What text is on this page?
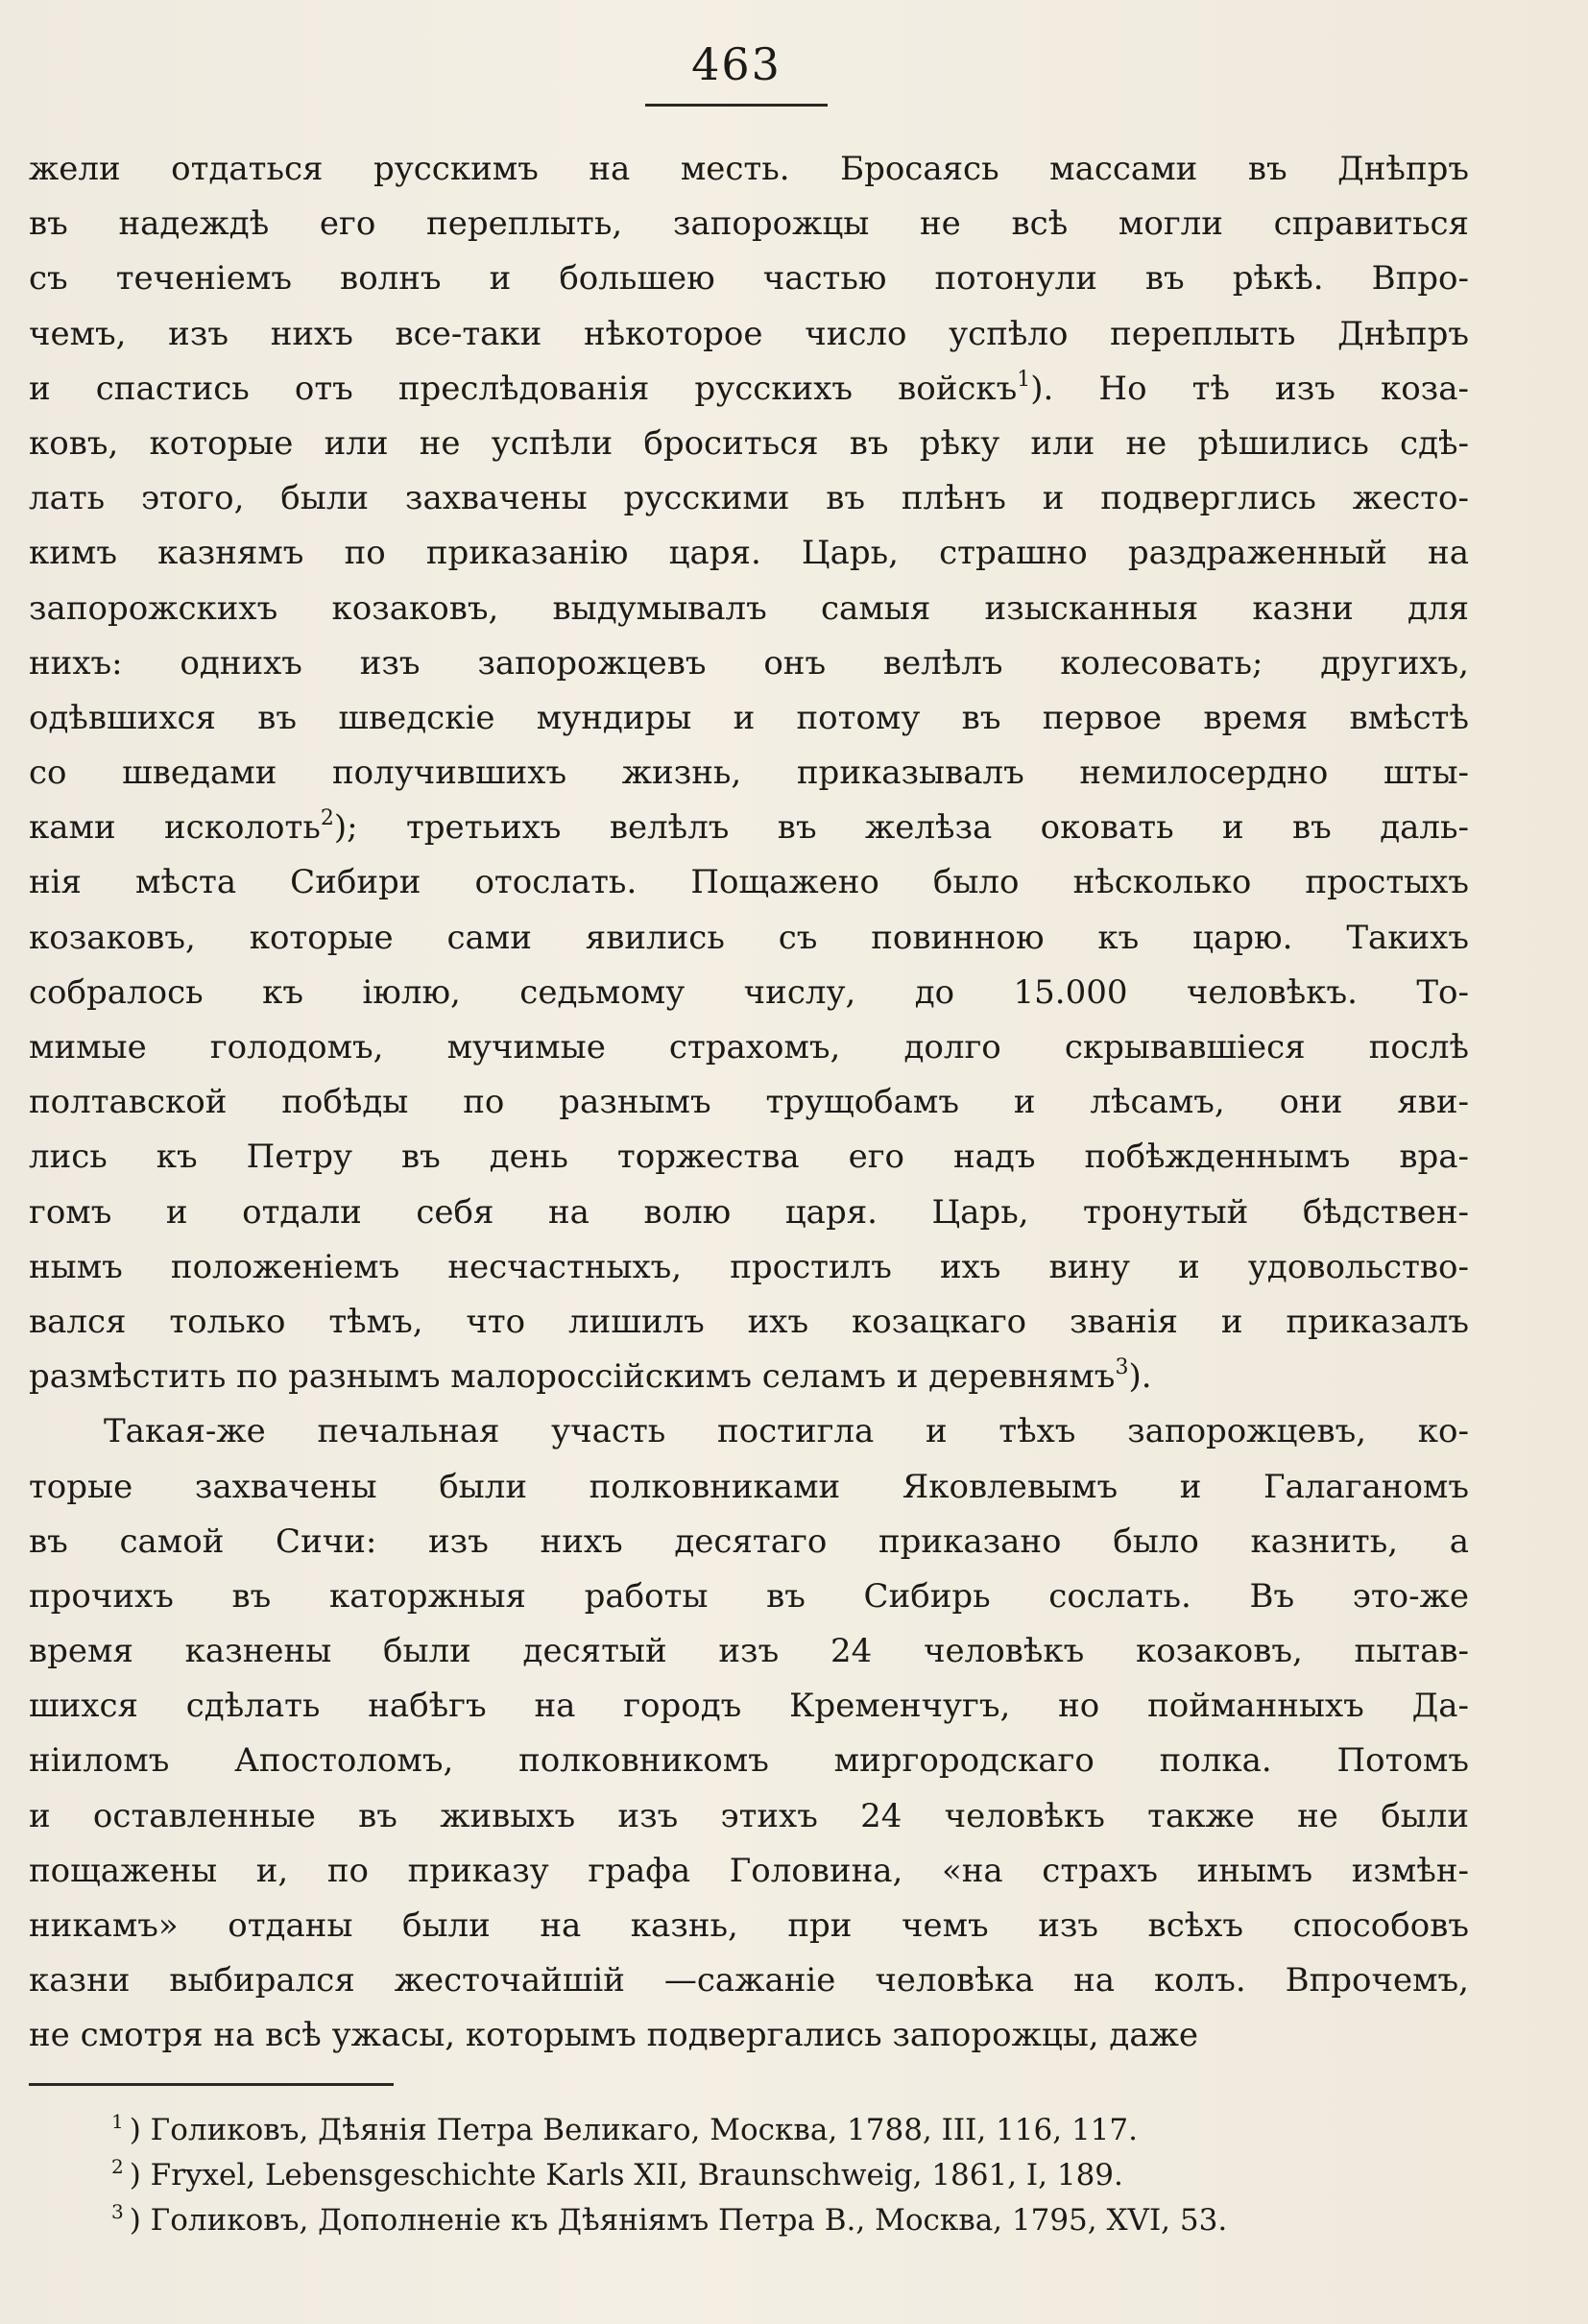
463
жели отдаться русскимъ на месть. Бросаясь массами въ Днѣпръ
въ надеждѣ его переплыть, запорожцы не всѣ могли справиться
съ теченіемъ волнъ и большею частью потонули въ рѣкѣ. Впро-
чемъ, изъ нихъ все-таки нѣкоторое число успѣло переплыть Днѣпръ
и спастись отъ преслѣдованія русскихъ войскъ$^1$). Но тѣ изъ коза-
ковъ, которые или не успѣли броситься въ рѣку или не рѣшились сдѣ-
лать этого, были захвачены русскими въ плѣнъ и подверглись жесто-
кимъ казнямъ по приказанію царя. Царь, страшно раздраженный на
запорожскихъ козаковъ, выдумывалъ самыя изысканныя казни для
нихъ: однихъ изъ запорожцевъ онъ велѣлъ колесовать; другихъ,
одѣвшихся въ шведскіе мундиры и потому въ первое время вмѣстѣ
со шведами получившихъ жизнь, приказывалъ немилосердно шты-
ками исколоть$^2$); третьихъ велѣлъ въ желѣза оковать и въ даль-
нія мѣста Сибири отослать. Пощажено было нѣсколько простыхъ
козаковъ, которые сами явились съ повинною къ царю. Такихъ
собралось къ іюлю, седьмому числу, до 15.000 человѣкъ. То-
мимые голодомъ, мучимые страхомъ, долго скрывавшіеся послѣ
полтавской побѣды по разнымъ трущобамъ и лѣсамъ, они яви-
лись къ Петру въ день торжества его надъ побѣжденнымъ вра-
гомъ и отдали себя на волю царя. Царь, тронутый бѣдствен-
нымъ положеніемъ несчастныхъ, простилъ ихъ вину и удовольство-
вался только тѣмъ, что лишилъ ихъ козацкаго званія и приказалъ
размѣстить по разнымъ малороссійскимъ селамъ и деревнямъ$^3$).
Такая-же печальная участь постигла и тѣхъ запорожцевъ, ко-
торые захвачены были полковниками Яковлевымъ и Галаганомъ
въ самой Сичи: изъ нихъ десятаго приказано было казнить, а
прочихъ въ каторжныя работы въ Сибирь сослать. Въ это-же
время казнены были десятый изъ 24 человѣкъ козаковъ, пытав-
шихся сдѣлать набѣгъ на городъ Кременчугъ, но пойманныхъ Да-
ніиломъ Апостоломъ, полковникомъ миргородскаго полка. Потомъ
и оставленные въ живыхъ изъ этихъ 24 человѣкъ также не были
пощажены и, по приказу графа Головина, «на страхъ инымъ измѣн-
никамъ» отданы были на казнь, при чемъ изъ всѣхъ способовъ
казни выбирался жесточайшій —сажаніе человѣка на колъ. Впрочемъ,
не смотря на всѣ ужасы, которымъ подвергались запорожцы, даже
$^1$ ) Голиковъ, Дѣянія Петра Великаго, Москва, 1788, III, 116, 117.
$^2$ ) Fryxel, Lebensgeschichte Karls XII, Braunschweig, 1861, I, 189.
$^3$ ) Голиковъ, Дополненіе къ Дѣяніямъ Петра В., Москва, 1795, XVI, 53.
